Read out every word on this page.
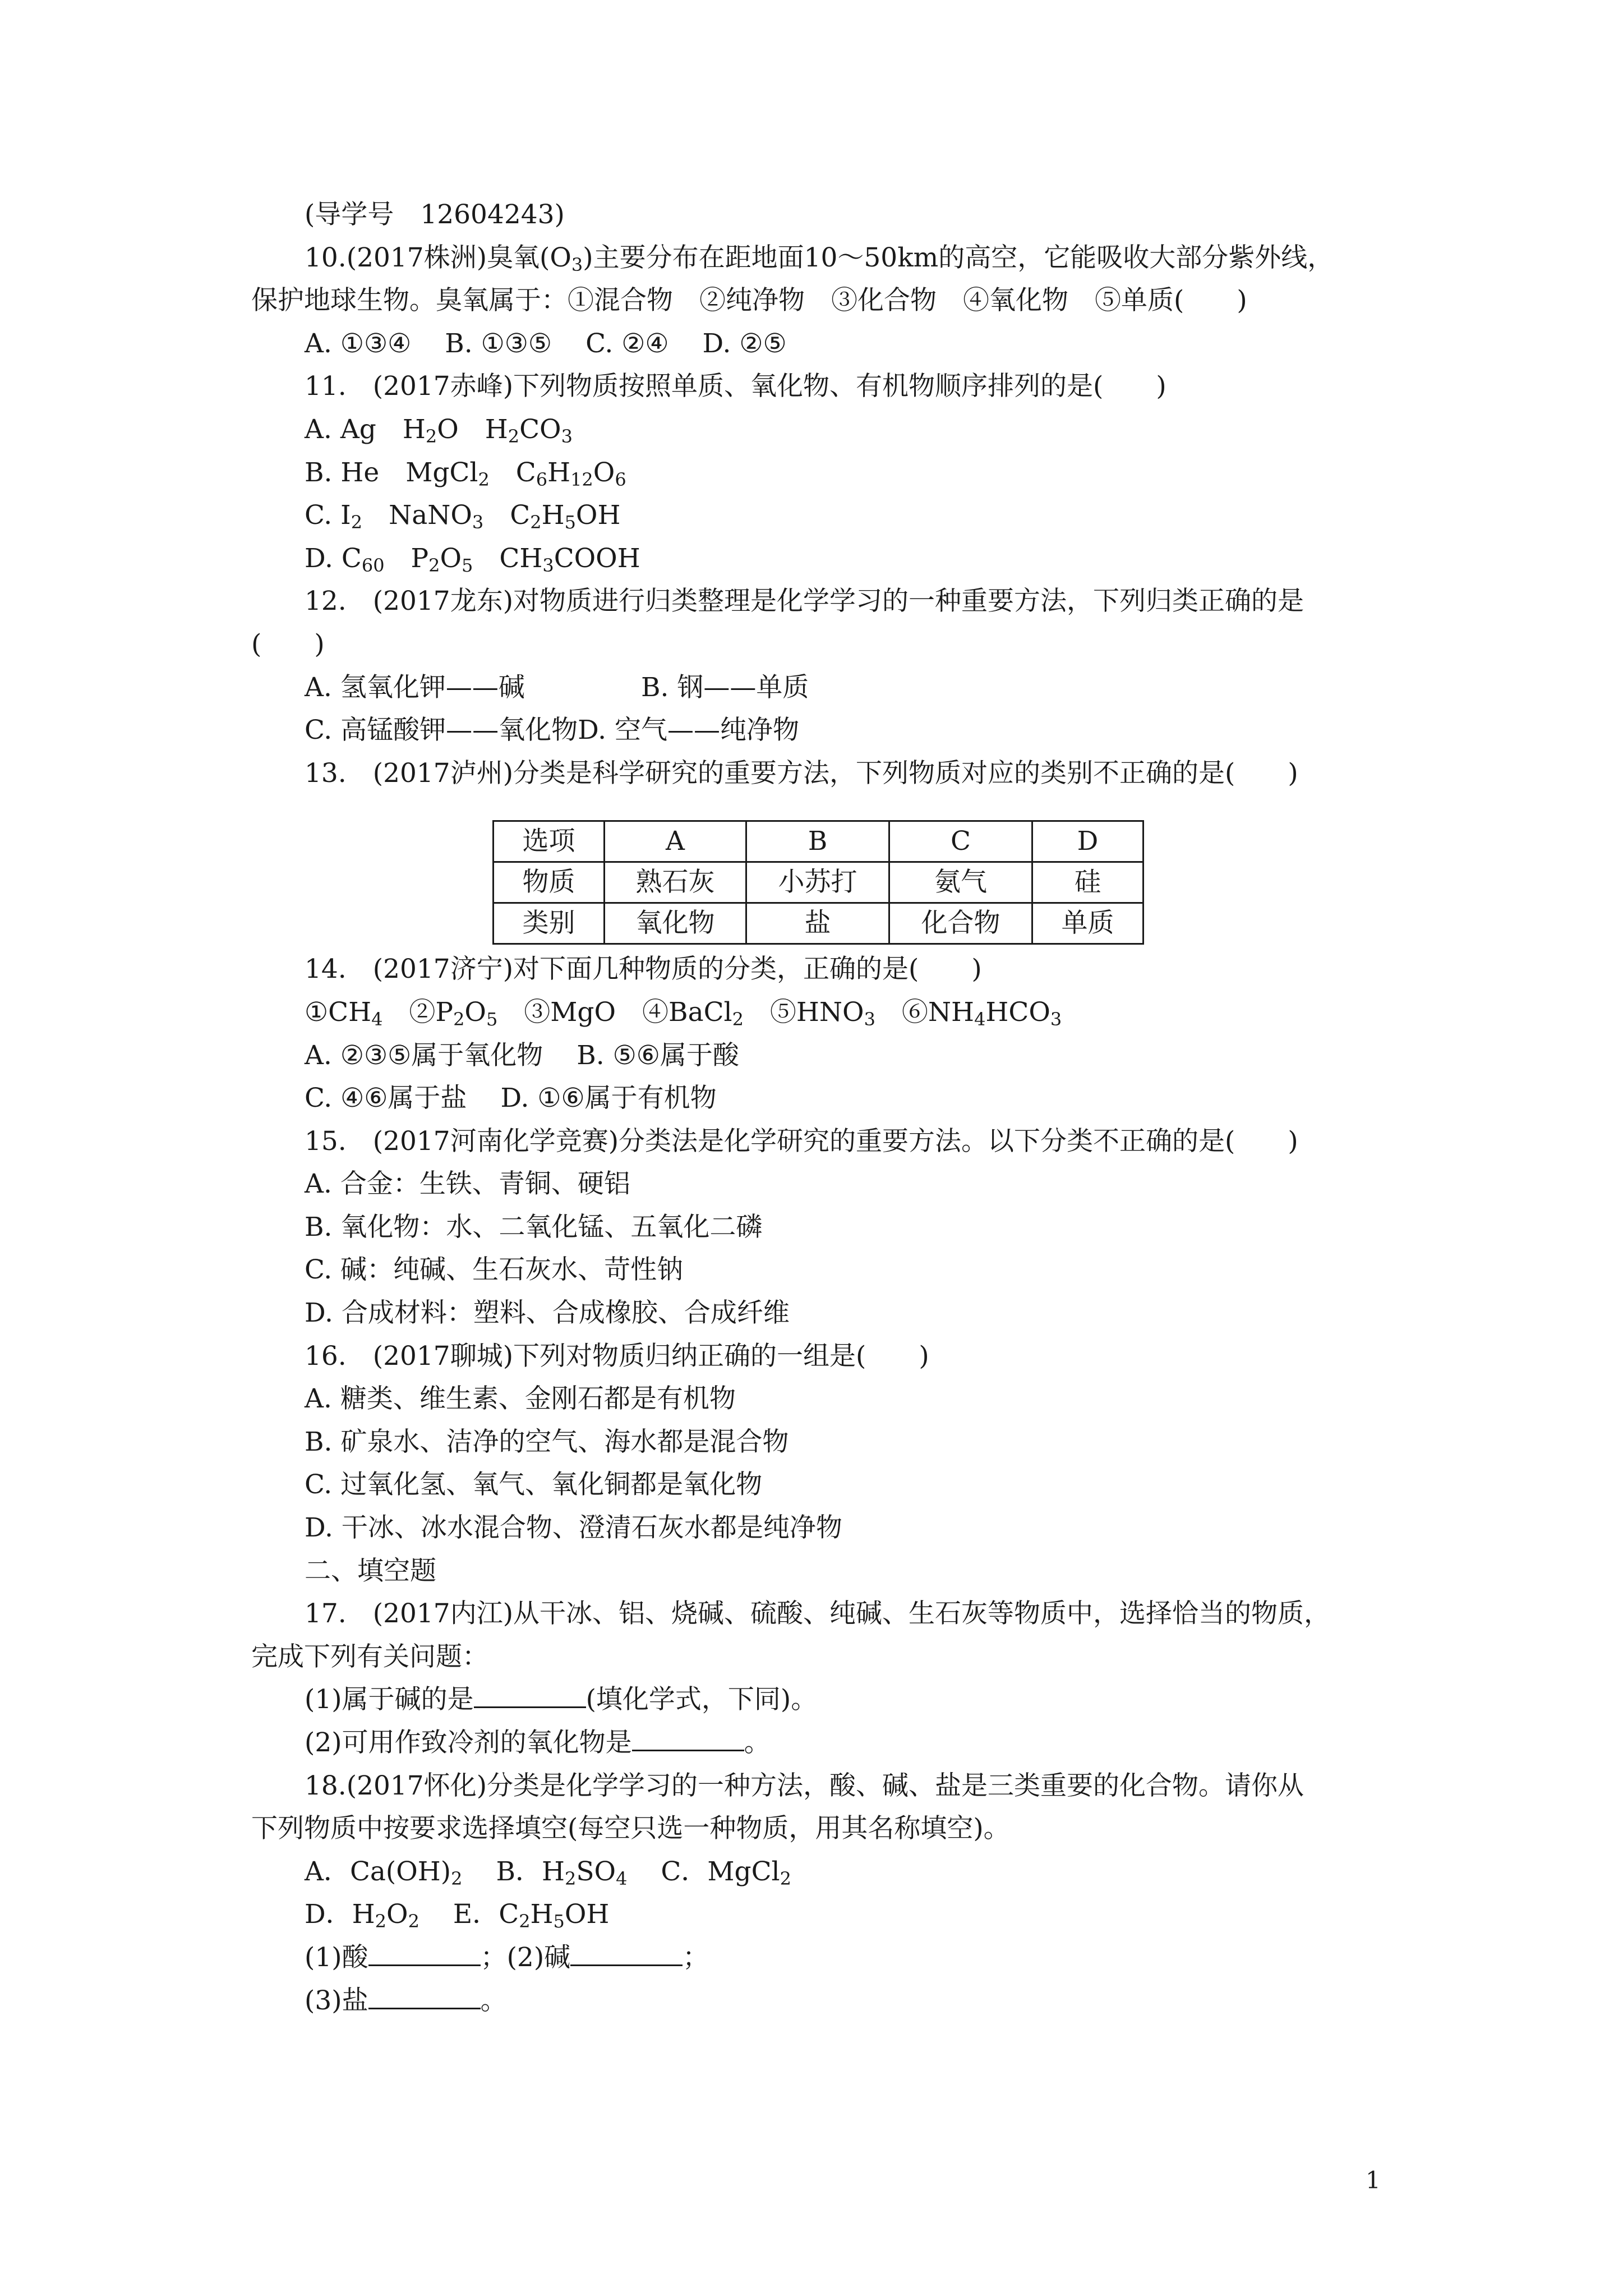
(导学号　12604243)
10.(2017株洲)臭氧$(O_3)$主要分布在距地面10～50km的高空，它能吸收大部分紫外线，
保护地球生物。臭氧属于：①混合物　②纯净物　③化合物　④氧化物　⑤单质(　　)
A. ①③④ B. ①③⑤ C. ②④ D. ②⑤
11.　(2017赤峰)下列物质按照单质、氧化物、有机物顺序排列的是(　　)
A. Ag　$H_2O$　$H_2CO_3$
B. He　MgCl$_2$　$C_6H_{12}O_6$
C. $I_2$　NaNO$_3$　$C_2H_5OH$
D. $C_{60}$　$P_2O_5$　$CH_3COOH$
12.　(2017龙东)对物质进行归类整理是化学学习的一种重要方法，下列归类正确的是
(　　)
A. 氢氧化钾——碱	B. 钢——单质
C. 高锰酸钾——氧化物D. 空气——纯净物
13.　(2017泸州)分类是科学研究的重要方法，下列物质对应的类别不正确的是(　　)
选项	A	B	C	D
物质	熟石灰	小苏打	氨气	硅
类别	氧化物	盐	化合物	单质
14.　(2017济宁)对下面几种物质的分类，正确的是(　　)
$①CH_4$　$②P_2O_5$　③MgO　④BaCl$_2$　$⑤HNO_3$　$⑥NH_4HCO_3$
A. ②③⑤属于氧化物 B. ⑤⑥属于酸
C. ④⑥属于盐 D. ①⑥属于有机物
15.　(2017河南化学竞赛)分类法是化学研究的重要方法。以下分类不正确的是(　　)
A. 合金：生铁、青铜、硬铝
B. 氧化物：水、二氧化锰、五氧化二磷
C. 碱：纯碱、生石灰水、苛性钠
D. 合成材料：塑料、合成橡胶、合成纤维
16.　(2017聊城)下列对物质归纳正确的一组是(　　)
A. 糖类、维生素、金刚石都是有机物
B. 矿泉水、洁净的空气、海水都是混合物
C. 过氧化氢、氧气、氧化铜都是氧化物
D. 干冰、冰水混合物、澄清石灰水都是纯净物
二、填空题
17.　(2017内江)从干冰、铝、烧碱、硫酸、纯碱、生石灰等物质中，选择恰当的物质，
完成下列有关问题：
(1)属于碱的是	(填化学式，下同)。
(2)可用作致冷剂的氧化物是	。
18.(2017怀化)分类是化学学习的一种方法，酸、碱、盐是三类重要的化合物。请你从
下列物质中按要求选择填空(每空只选一种物质，用其名称填空)。
A．$Ca(OH)_2$ B．$H_2SO_4$ C．MgCl$_2$
D．$H_2O_2$ E．$C_2H_5OH$
(1)酸	；(2)碱	；
(3)盐	。
1
